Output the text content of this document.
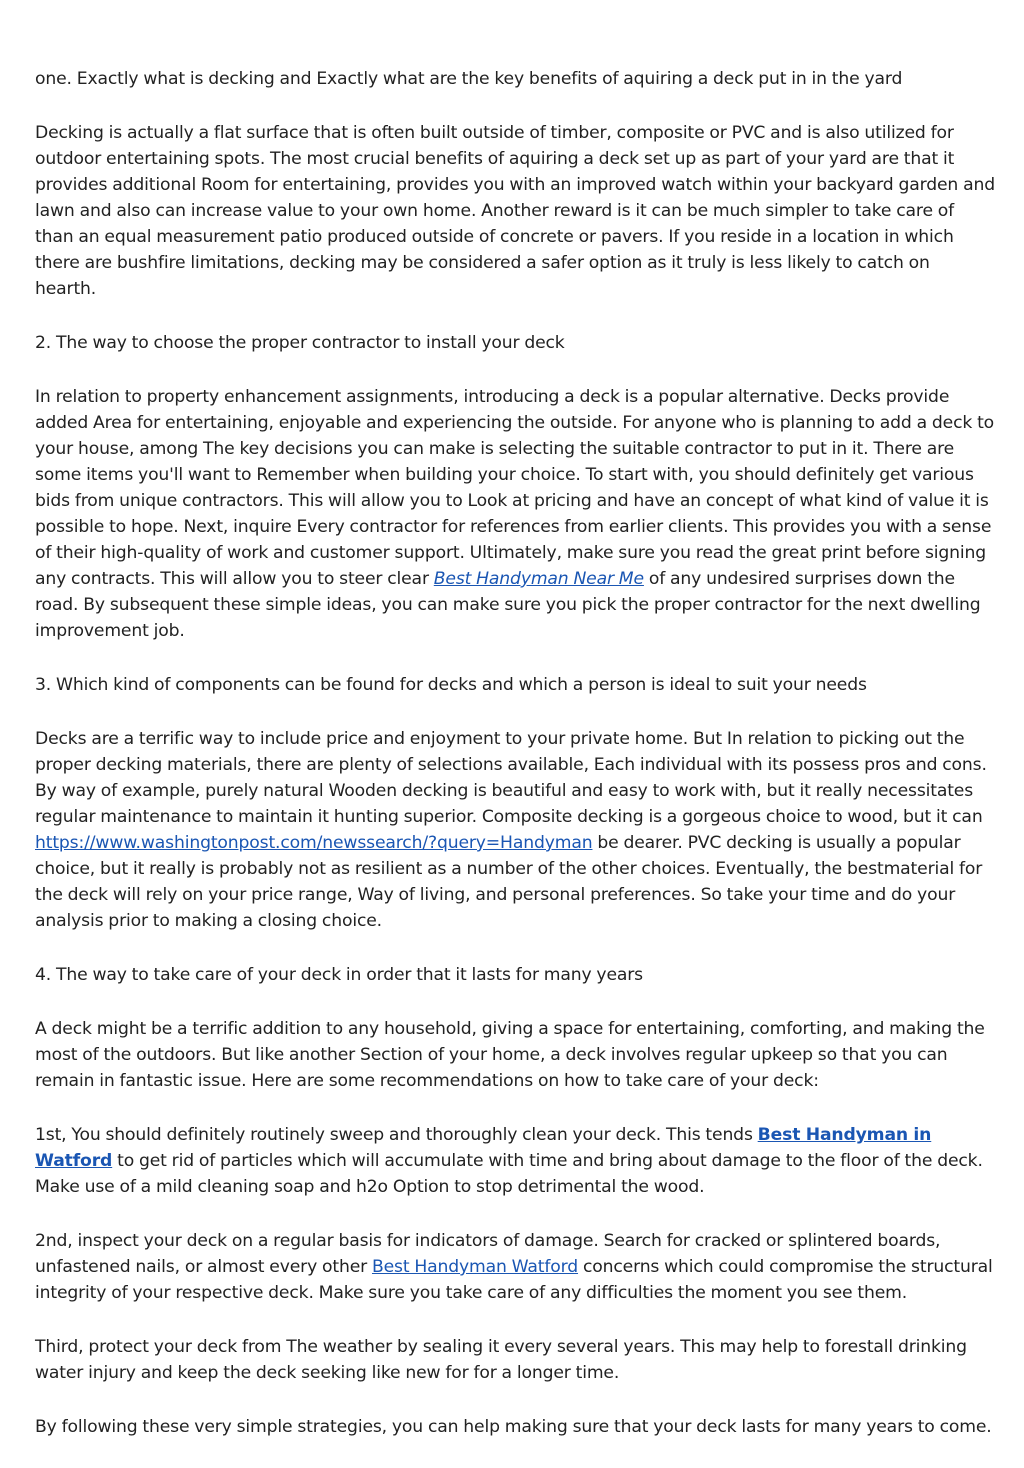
one. Exactly what is decking and Exactly what are the key benefits of aquiring a deck put in in the yard

Decking is actually a flat surface that is often built outside of timber, composite or PVC and is also utilized for outdoor entertaining spots. The most crucial benefits of aquiring a deck set up as part of your yard are that it provides additional Room for entertaining, provides you with an improved watch within your backyard garden and lawn and also can increase value to your own home. Another reward is it can be much simpler to take care of than an equal measurement patio produced outside of concrete or pavers. If you reside in a location in which there are bushfire limitations, decking may be considered a safer option as it truly is less likely to catch on hearth.

2. The way to choose the proper contractor to install your deck

In relation to property enhancement assignments, introducing a deck is a popular alternative. Decks provide added Area for entertaining, enjoyable and experiencing the outside. For anyone who is planning to add a deck to your house, among The key decisions you can make is selecting the suitable contractor to put in it. There are some items you'll want to Remember when building your choice. To start with, you should definitely get various bids from unique contractors. This will allow you to Look at pricing and have an concept of what kind of value it is possible to hope. Next, inquire Every contractor for references from earlier clients. This provides you with a sense of their high-quality of work and customer support. Ultimately, make sure you read the great print before signing any contracts. This will allow you to steer clear Best Handyman Near Me of any undesired surprises down the road. By subsequent these simple ideas, you can make sure you pick the proper contractor for the next dwelling improvement job.

3. Which kind of components can be found for decks and which a person is ideal to suit your needs

Decks are a terrific way to include price and enjoyment to your private home. But In relation to picking out the proper decking materials, there are plenty of selections available, Each individual with its possess pros and cons. By way of example, purely natural Wooden decking is beautiful and easy to work with, but it really necessitates regular maintenance to maintain it hunting superior. Composite decking is a gorgeous choice to wood, but it can https://www.washingtonpost.com/newssearch/?query=Handyman be dearer. PVC decking is usually a popular choice, but it really is probably not as resilient as a number of the other choices. Eventually, the bestmaterial for the deck will rely on your price range, Way of living, and personal preferences. So take your time and do your analysis prior to making a closing choice.

4. The way to take care of your deck in order that it lasts for many years

A deck might be a terrific addition to any household, giving a space for entertaining, comforting, and making the most of the outdoors. But like another Section of your home, a deck involves regular upkeep so that you can remain in fantastic issue. Here are some recommendations on how to take care of your deck:

1st, You should definitely routinely sweep and thoroughly clean your deck. This tends Best Handyman in Watford to get rid of particles which will accumulate with time and bring about damage to the floor of the deck. Make use of a mild cleaning soap and h2o Option to stop detrimental the wood.

2nd, inspect your deck on a regular basis for indicators of damage. Search for cracked or splintered boards, unfastened nails, or almost every other Best Handyman Watford concerns which could compromise the structural integrity of your respective deck. Make sure you take care of any difficulties the moment you see them.

Third, protect your deck from The weather by sealing it every several years. This may help to forestall drinking water injury and keep the deck seeking like new for for a longer time.

By following these very simple strategies, you can help making sure that your deck lasts for many years to come.
